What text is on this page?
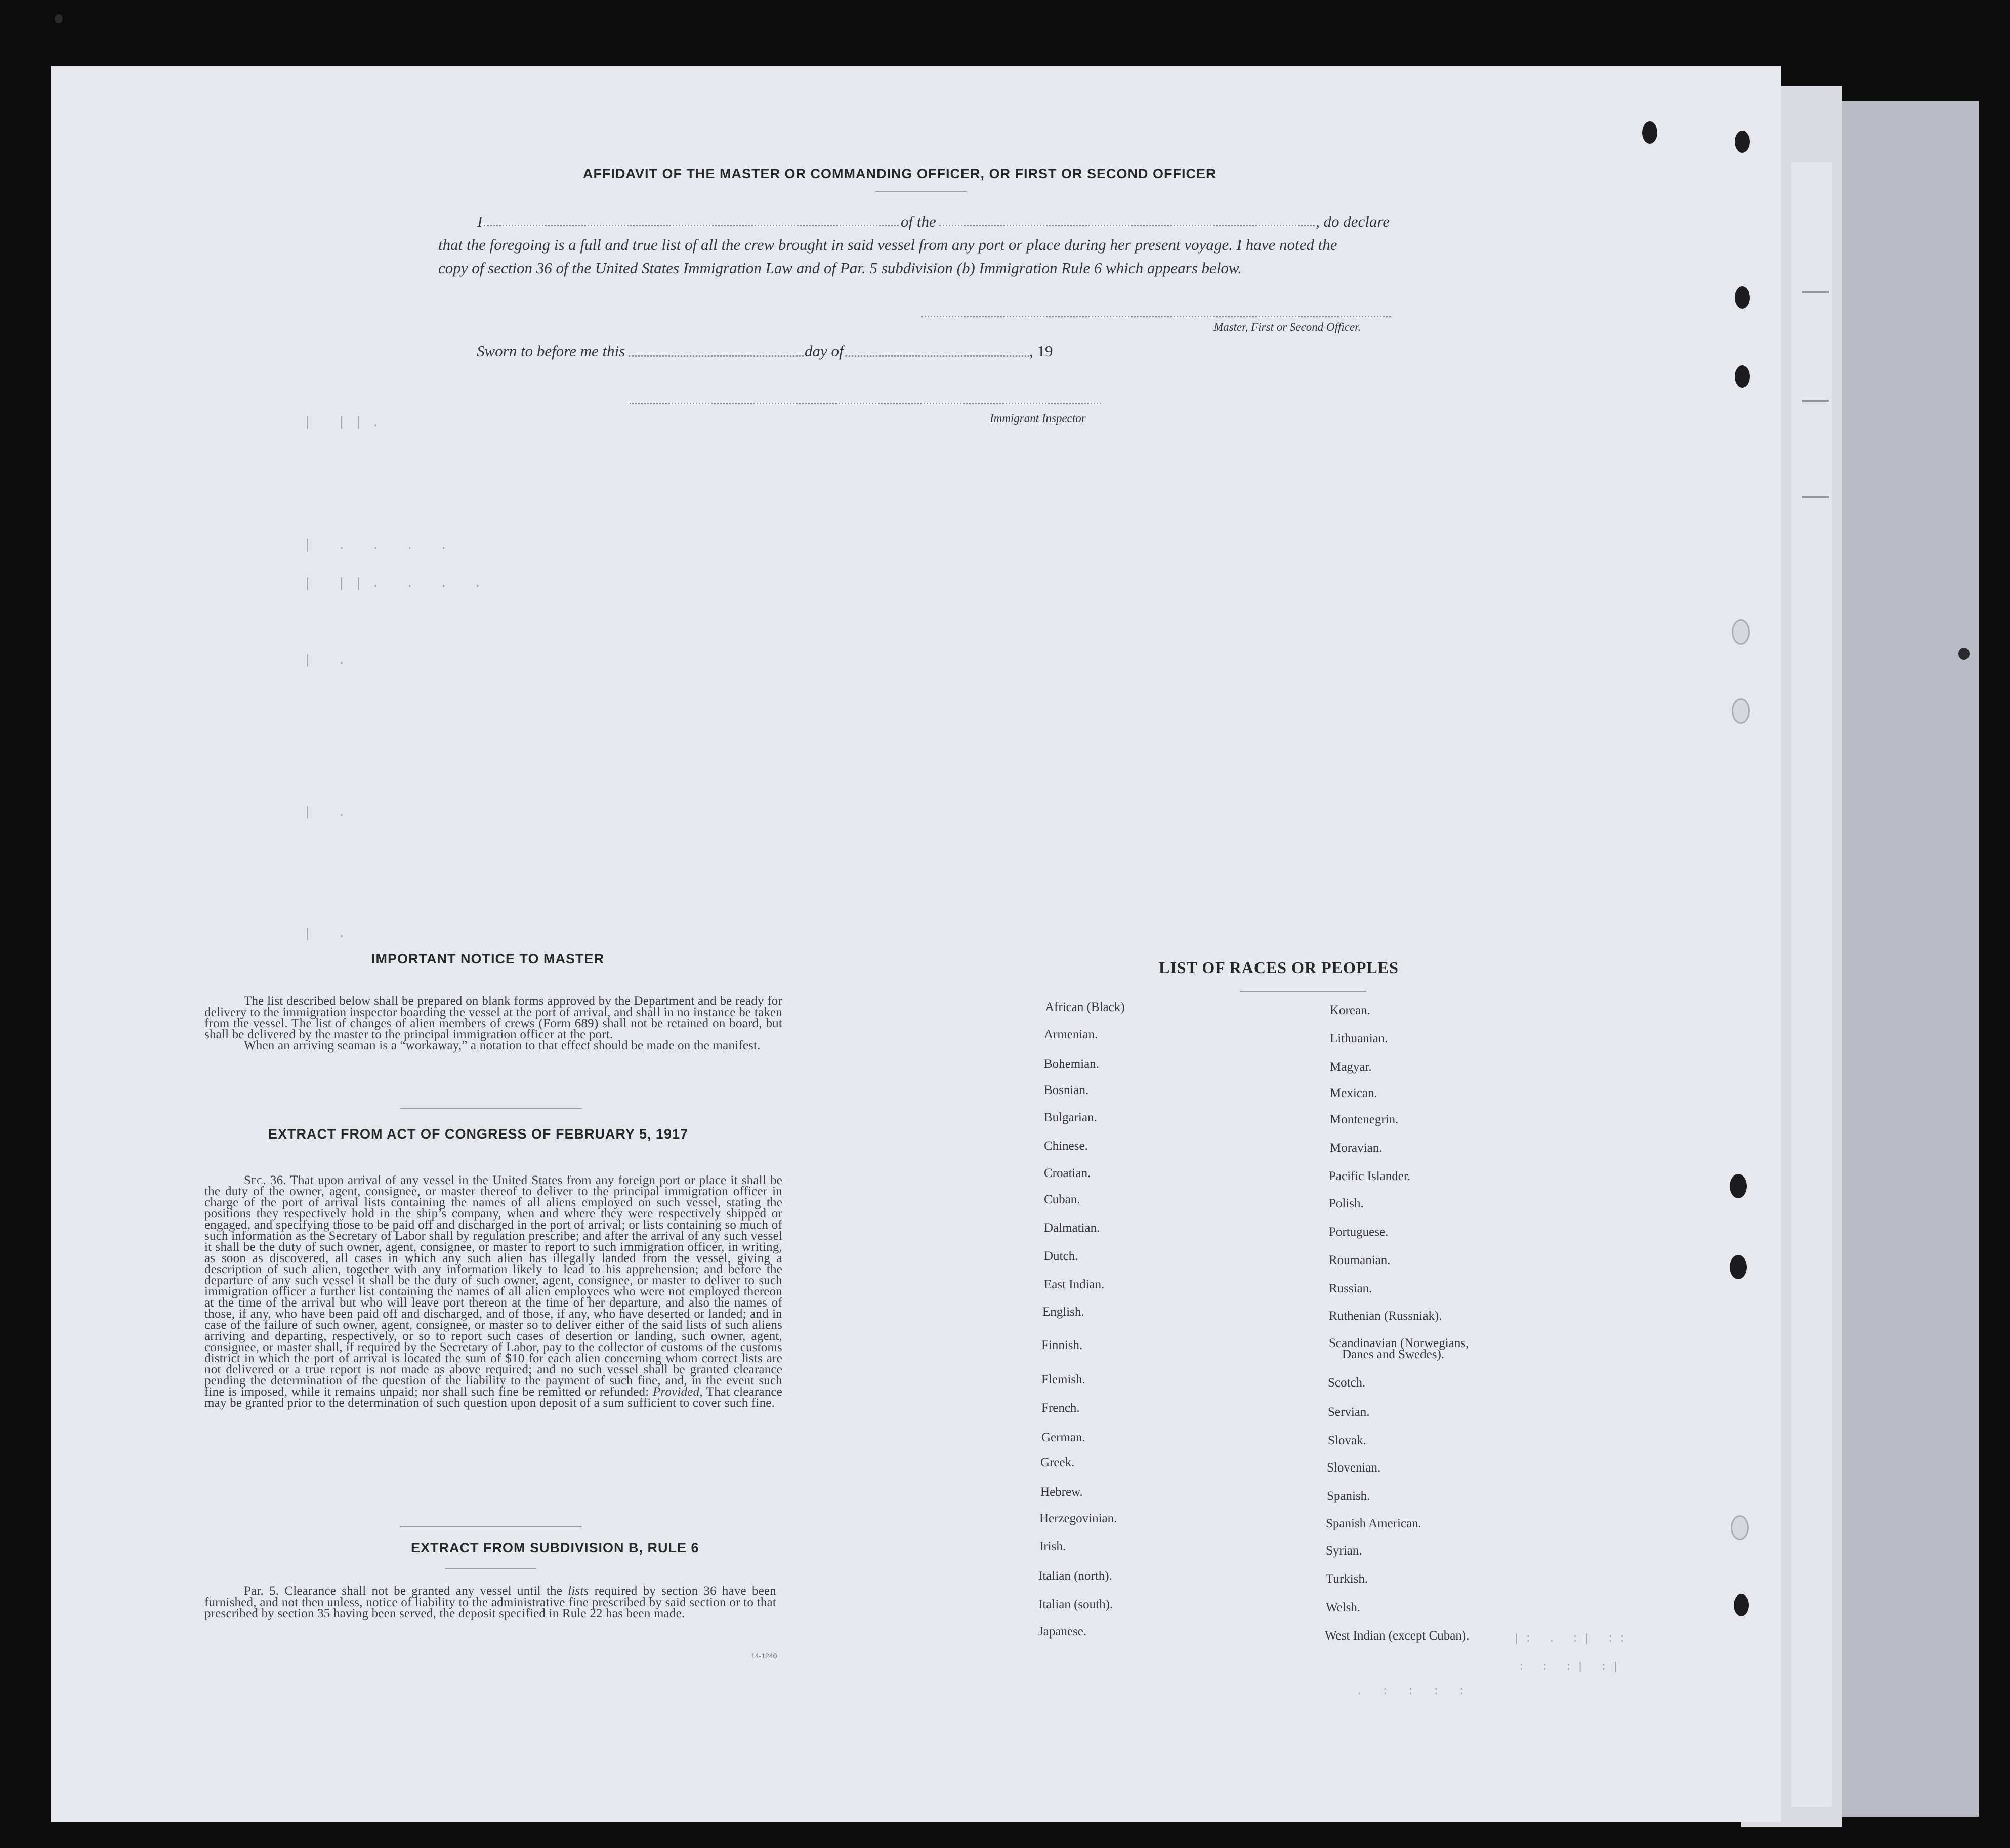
AFFIDAVIT OF THE MASTER OR COMMANDING OFFICER, OR FIRST OR SECOND OFFICER
I	of the	, do declare
that the foregoing is a full and true list of all the crew brought in said vessel from any port or place during her present voyage. I have noted the
copy of section 36 of the United States Immigration Law and of Par. 5 subdivision (b) Immigration Rule 6 which appears below.
Master, First or Second Officer.
Sworn to before me this	day of	, 19
Immigrant Inspector
| ||.
| . . . .
| ||. . . .
| .
| .
| .
IMPORTANT NOTICE TO MASTER
The list described below shall be prepared on blank forms approved by the Department and be ready for delivery to the immigration inspector boarding the vessel at the port of arrival, and shall in no instance be taken from the vessel. The list of changes of alien members of crews (Form 689) shall not be retained on board, but shall be delivered by the master to the principal immigration officer at the port.
When an arriving seaman is a “workaway,” a notation to that effect should be made on the manifest.
EXTRACT FROM ACT OF CONGRESS OF FEBRUARY 5, 1917
Sec. 36. That upon arrival of any vessel in the United States from any foreign port or place it shall be the duty of the owner, agent, consignee, or master thereof to deliver to the principal immigration officer in charge of the port of arrival lists containing the names of all aliens employed on such vessel, stating the positions they respectively hold in the ship’s company, when and where they were respectively shipped or engaged, and specifying those to be paid off and discharged in the port of arrival; or lists containing so much of such information as the Secretary of Labor shall by regulation prescribe; and after the arrival of any such vessel it shall be the duty of such owner, agent, consignee, or master to report to such immigration officer, in writing, as soon as discovered, all cases in which any such alien has illegally landed from the vessel, giving a description of such alien, together with any information likely to lead to his apprehension; and before the departure of any such vessel it shall be the duty of such owner, agent, consignee, or master to deliver to such immigration officer a further list containing the names of all alien employees who were not employed thereon at the time of the arrival but who will leave port thereon at the time of her departure, and also the names of those, if any, who have been paid off and discharged, and of those, if any, who have deserted or landed; and in case of the failure of such owner, agent, consignee, or master so to deliver either of the said lists of such aliens arriving and departing, respectively, or so to report such cases of desertion or landing, such owner, agent, consignee, or master shall, if required by the Secretary of Labor, pay to the collector of customs of the customs district in which the port of arrival is located the sum of $10 for each alien concerning whom correct lists are not delivered or a true report is not made as above required; and no such vessel shall be granted clearance pending the determination of the question of the liability to the payment of such fine, and, in the event such fine is imposed, while it remains unpaid; nor shall such fine be remitted or refunded: Provided, That clearance may be granted prior to the determination of such question upon deposit of a sum sufficient to cover such fine.
EXTRACT FROM SUBDIVISION B, RULE 6
Par. 5. Clearance shall not be granted any vessel until the lists required by section 36 have been furnished, and not then unless, notice of liability to the administrative fine prescribed by said section or to that prescribed by section 35 having been served, the deposit specified in Rule 22 has been made.
14-1240
LIST OF RACES OR PEOPLES
African (Black)
Armenian.
Bohemian.
Bosnian.
Bulgarian.
Chinese.
Croatian.
Cuban.
Dalmatian.
Dutch.
East Indian.
English.
Finnish.
Flemish.
French.
German.
Greek.
Hebrew.
Herzegovinian.
Irish.
Italian (north).
Italian (south).
Japanese.
Korean.
Lithuanian.
Magyar.
Mexican.
Montenegrin.
Moravian.
Pacific Islander.
Polish.
Portuguese.
Roumanian.
Russian.
Ruthenian (Russniak).
Scandinavian (Norwegians,
Danes and Swedes).
Scotch.
Servian.
Slovak.
Slovenian.
Spanish.
Spanish American.
Syrian.
Turkish.
Welsh.
West Indian (except Cuban).	|: . :| ::
: : :| :|
. : : : :
